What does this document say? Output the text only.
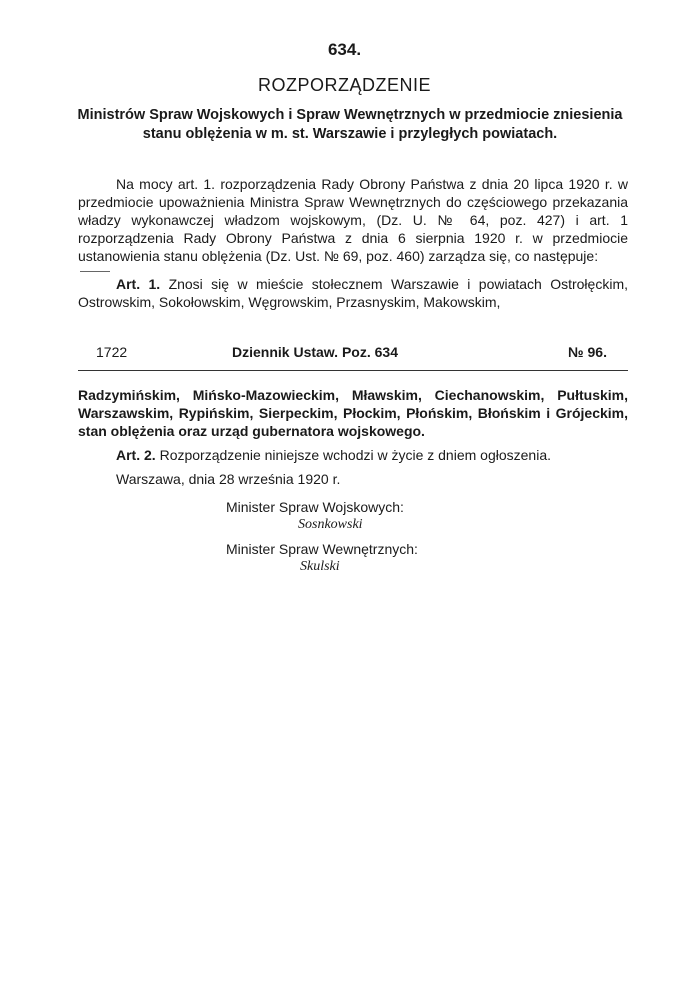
634.
ROZPORZĄDZENIE
Ministrów Spraw Wojskowych i Spraw Wewnętrznych w przedmiocie zniesienia stanu oblężenia w m. st. Warszawie i przyległych powiatach.

Na mocy art. 1. rozporządzenia Rady Obrony Państwa z dnia 20 lipca 1920 r. w przedmiocie upoważnienia Ministra Spraw Wewnętrznych do częściowego przekazania władzy wykonawczej władzom wojskowym, (Dz. U. № 64, poz. 427) i art. 1 rozporządzenia Rady Obrony Państwa z dnia 6 sierpnia 1920 r. w przedmiocie ustanowienia stanu oblężenia (Dz. Ust. № 69, poz. 460) zarządza się, co następuje:

Art. 1. Znosi się w mieście stołecznem Warszawie i powiatach Ostrołęckim, Ostrowskim, Sokołowskim, Węgrowskim, Przasnyskim, Makowskim,

1722	Dziennik Ustaw. Poz. 634	№ 96.

Radzymińskim, Mińsko-Mazowieckim, Mławskim, Ciechanowskim, Pułtuskim, Warszawskim, Rypińskim, Sierpeckim, Płockim, Płońskim, Błońskim i Grójeckim, stan oblężenia oraz urząd gubernatora wojskowego.

Art. 2. Rozporządzenie niniejsze wchodzi w życie z dniem ogłoszenia.

Warszawa, dnia 28 września 1920 r.

Minister Spraw Wojskowych:
Sosnkowski
Minister Spraw Wewnętrznych:
Skulski
